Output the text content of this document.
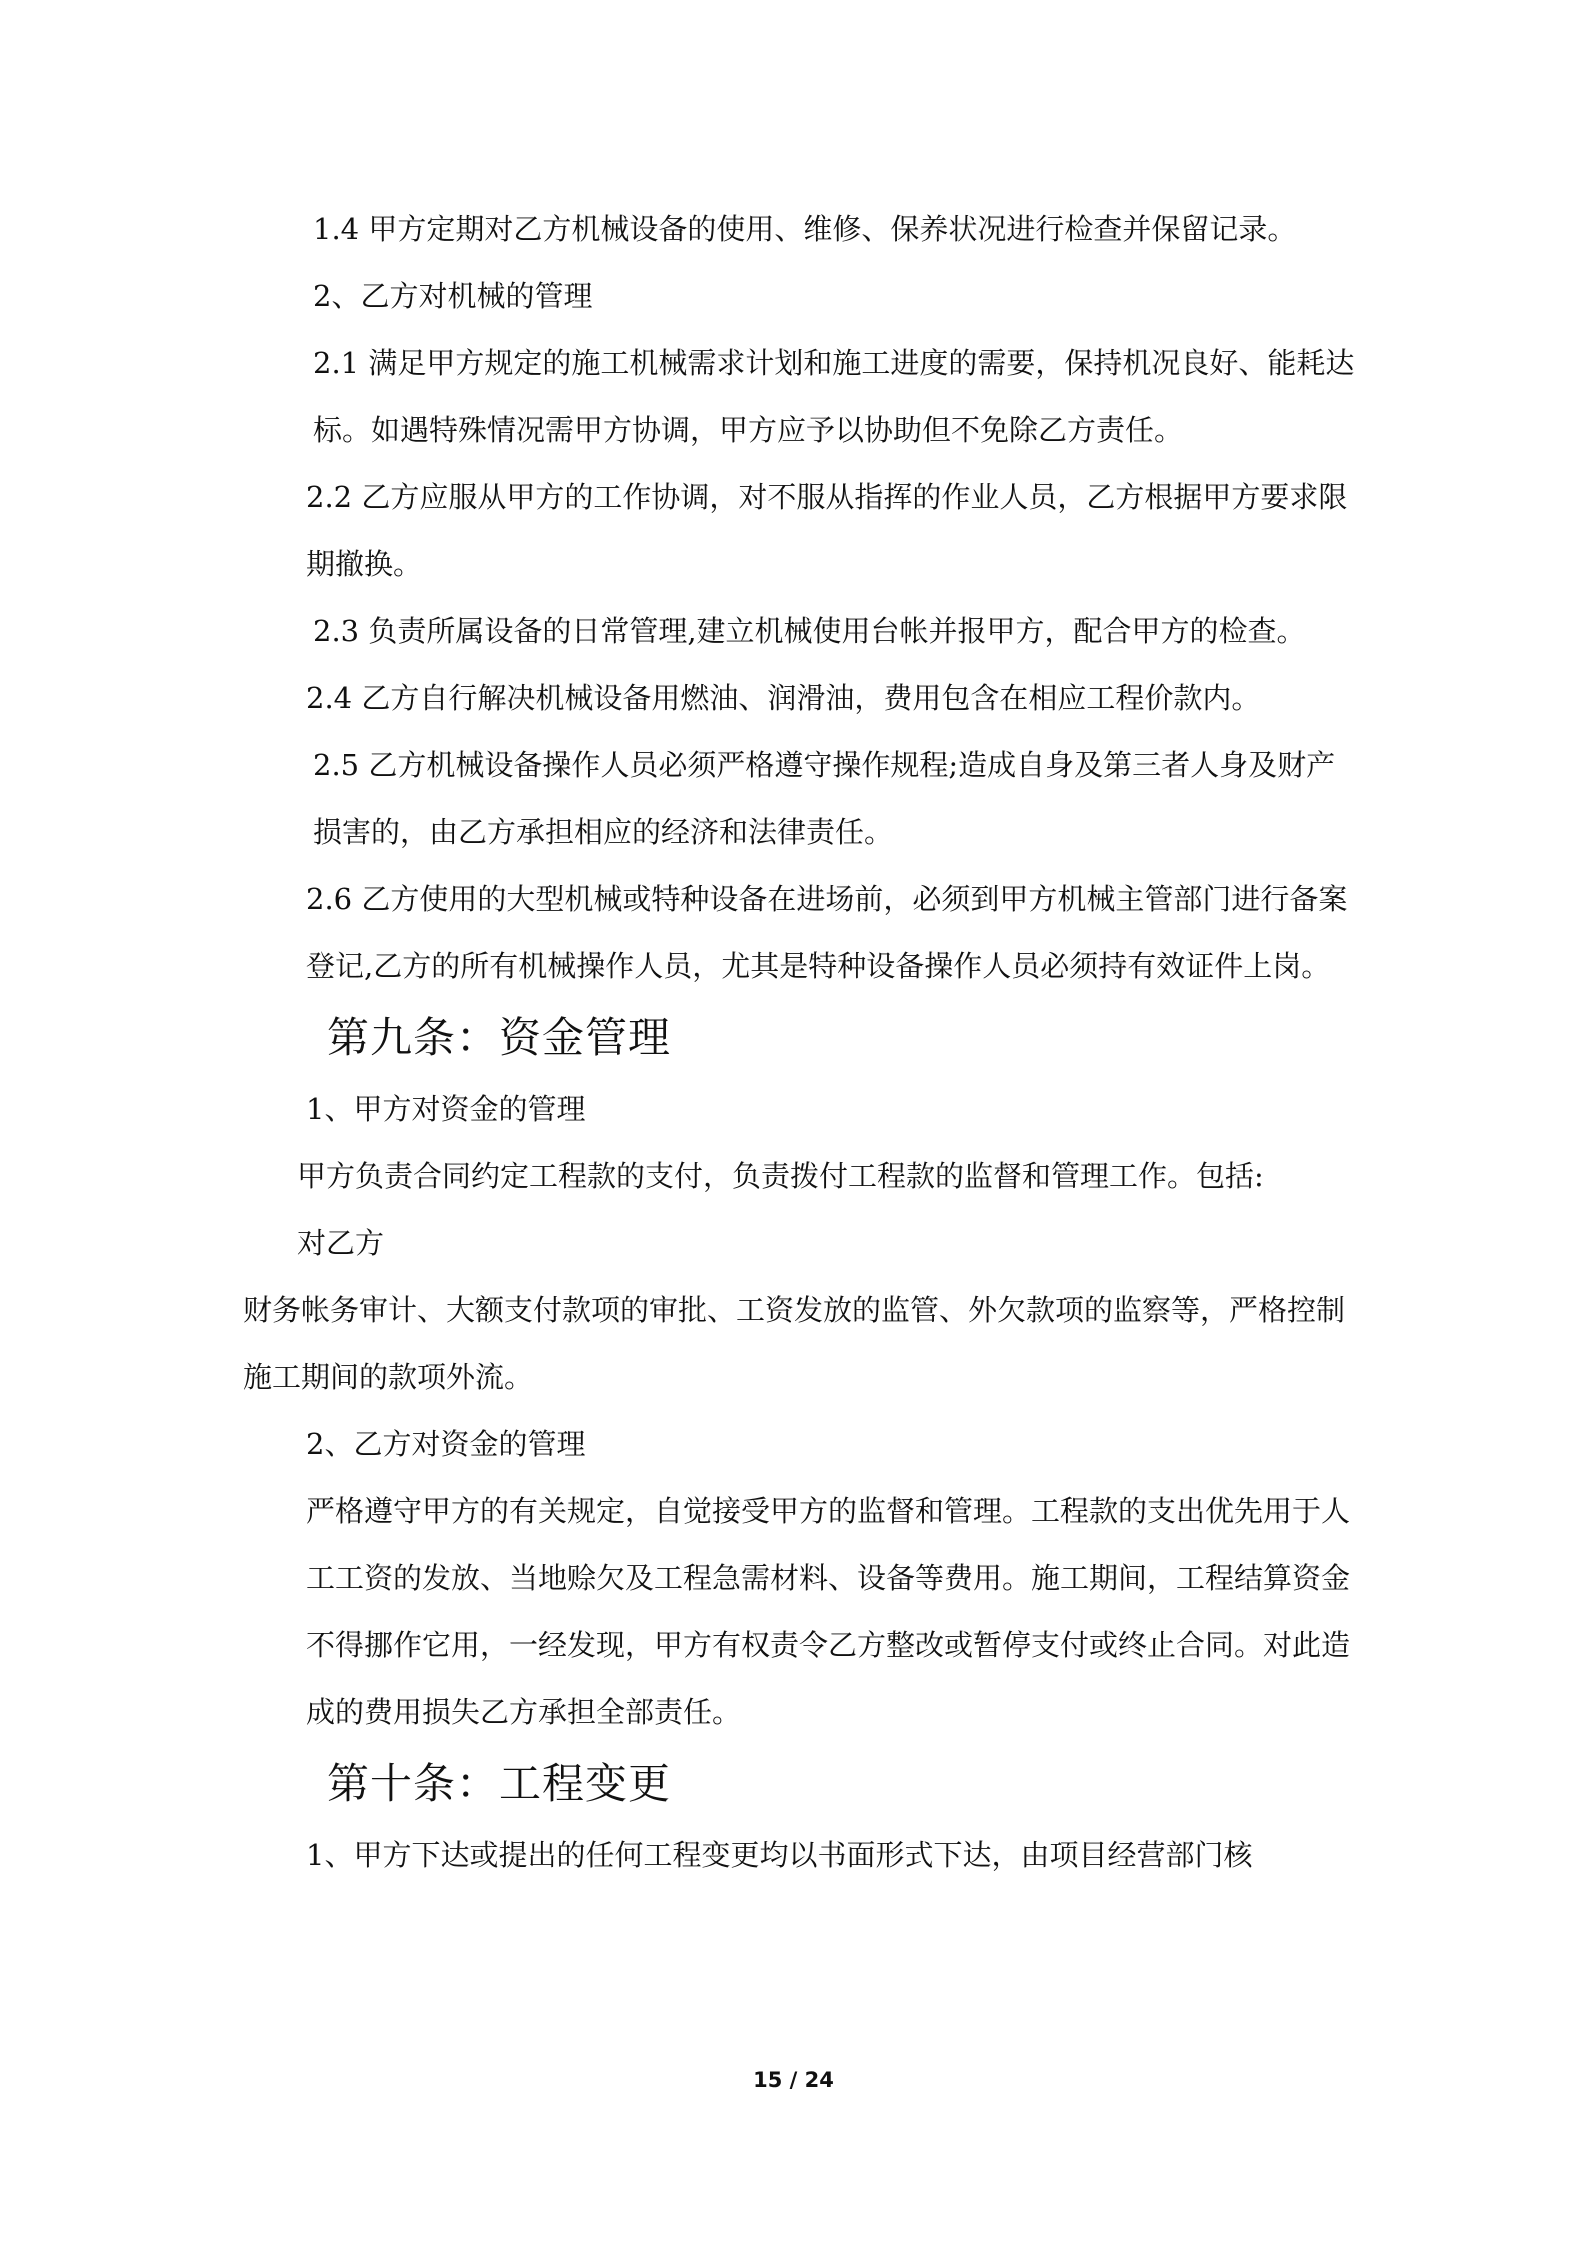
1.4 甲方定期对乙方机械设备的使用、维修、保养状况进行检查并保留记录。

2、乙方对机械的管理

2.1 满足甲方规定的施工机械需求计划和施工进度的需要，保持机况良好、能耗达标。如遇特殊情况需甲方协调，甲方应予以协助但不免除乙方责任。

2.2 乙方应服从甲方的工作协调，对不服从指挥的作业人员，乙方根据甲方要求限期撤换。

2.3 负责所属设备的日常管理,建立机械使用台帐并报甲方，配合甲方的检查。

2.4 乙方自行解决机械设备用燃油、润滑油，费用包含在相应工程价款内。

2.5 乙方机械设备操作人员必须严格遵守操作规程;造成自身及第三者人身及财产损害的，由乙方承担相应的经济和法律责任。

2.6 乙方使用的大型机械或特种设备在进场前，必须到甲方机械主管部门进行备案登记,乙方的所有机械操作人员，尤其是特种设备操作人员必须持有效证件上岗。

第九条：资金管理

1、甲方对资金的管理

甲方负责合同约定工程款的支付，负责拨付工程款的监督和管理工作。包括:

对乙方

财务帐务审计、大额支付款项的审批、工资发放的监管、外欠款项的监察等，严格控制施工期间的款项外流。

2、乙方对资金的管理

严格遵守甲方的有关规定，自觉接受甲方的监督和管理。工程款的支出优先用于人工工资的发放、当地赊欠及工程急需材料、设备等费用。施工期间，工程结算资金不得挪作它用，一经发现，甲方有权责令乙方整改或暂停支付或终止合同。对此造成的费用损失乙方承担全部责任。

第十条：工程变更

1、甲方下达或提出的任何工程变更均以书面形式下达，由项目经营部门核

15 / 24
